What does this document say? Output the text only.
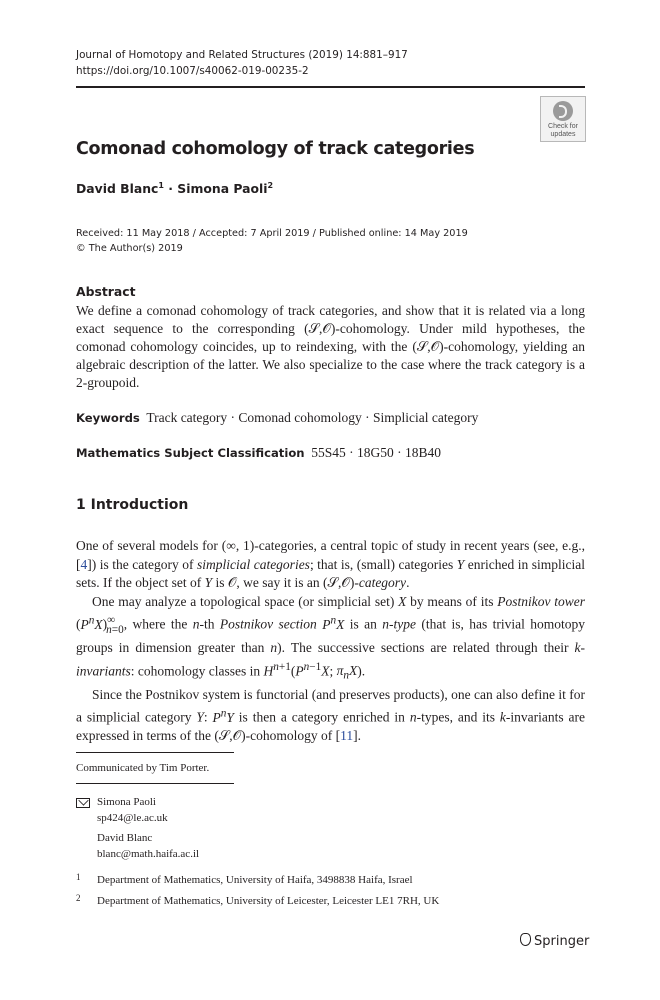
Journal of Homotopy and Related Structures (2019) 14:881–917
https://doi.org/10.1007/s40062-019-00235-2
Check for
updates
Comonad cohomology of track categories
David Blanc$^1$ · Simona Paoli$^2$
Received: 11 May 2018 / Accepted: 7 April 2019 / Published online: 14 May 2019
© The Author(s) 2019
Abstract
We define a comonad cohomology of track categories, and show that it is related via a long exact sequence to the corresponding (𝒮,𝒪)-cohomology. Under mild hypotheses, the comonad cohomology coincides, up to reindexing, with the (𝒮,𝒪)-cohomology, yielding an algebraic description of the latter. We also specialize to the case where the track category is a 2-groupoid.
Keywords Track category · Comonad cohomology · Simplicial category
Mathematics Subject Classification 55S45 · 18G50 · 18B40
1 Introduction

One of several models for (∞, 1)-categories, a central topic of study in recent years (see, e.g., [4]) is the category of simplicial categories; that is, (small) categories Y enriched in simplicial sets. If the object set of Y is 𝒪, we say it is an (𝒮,𝒪)-category.

One may analyze a topological space (or simplicial set) X by means of its Postnikov tower $(P^nX)^\infty_{n=0}$, where the n-th Postnikov section $P^nX$ is an n-type (that is, has trivial homotopy groups in dimension greater than n). The successive sections are related through their k-invariants: cohomology classes in $H^{n+1}(P^{n-1}X$; $\pi_nX$).

Since the Postnikov system is functorial (and preserves products), one can also define it for a simplicial category Y: $P^nY$ is then a category enriched in n-types, and its k-invariants are expressed in terms of the (𝒮,𝒪)-cohomology of [11].

Communicated by Tim Porter.
Simona Paoli
sp424@le.ac.uk
David Blanc
blanc@math.haifa.ac.il
Department of Mathematics, University of Haifa, 3498838 Haifa, Israel
1
Department of Mathematics, University of Leicester, Leicester LE1 7RH, UK
2
Springer
